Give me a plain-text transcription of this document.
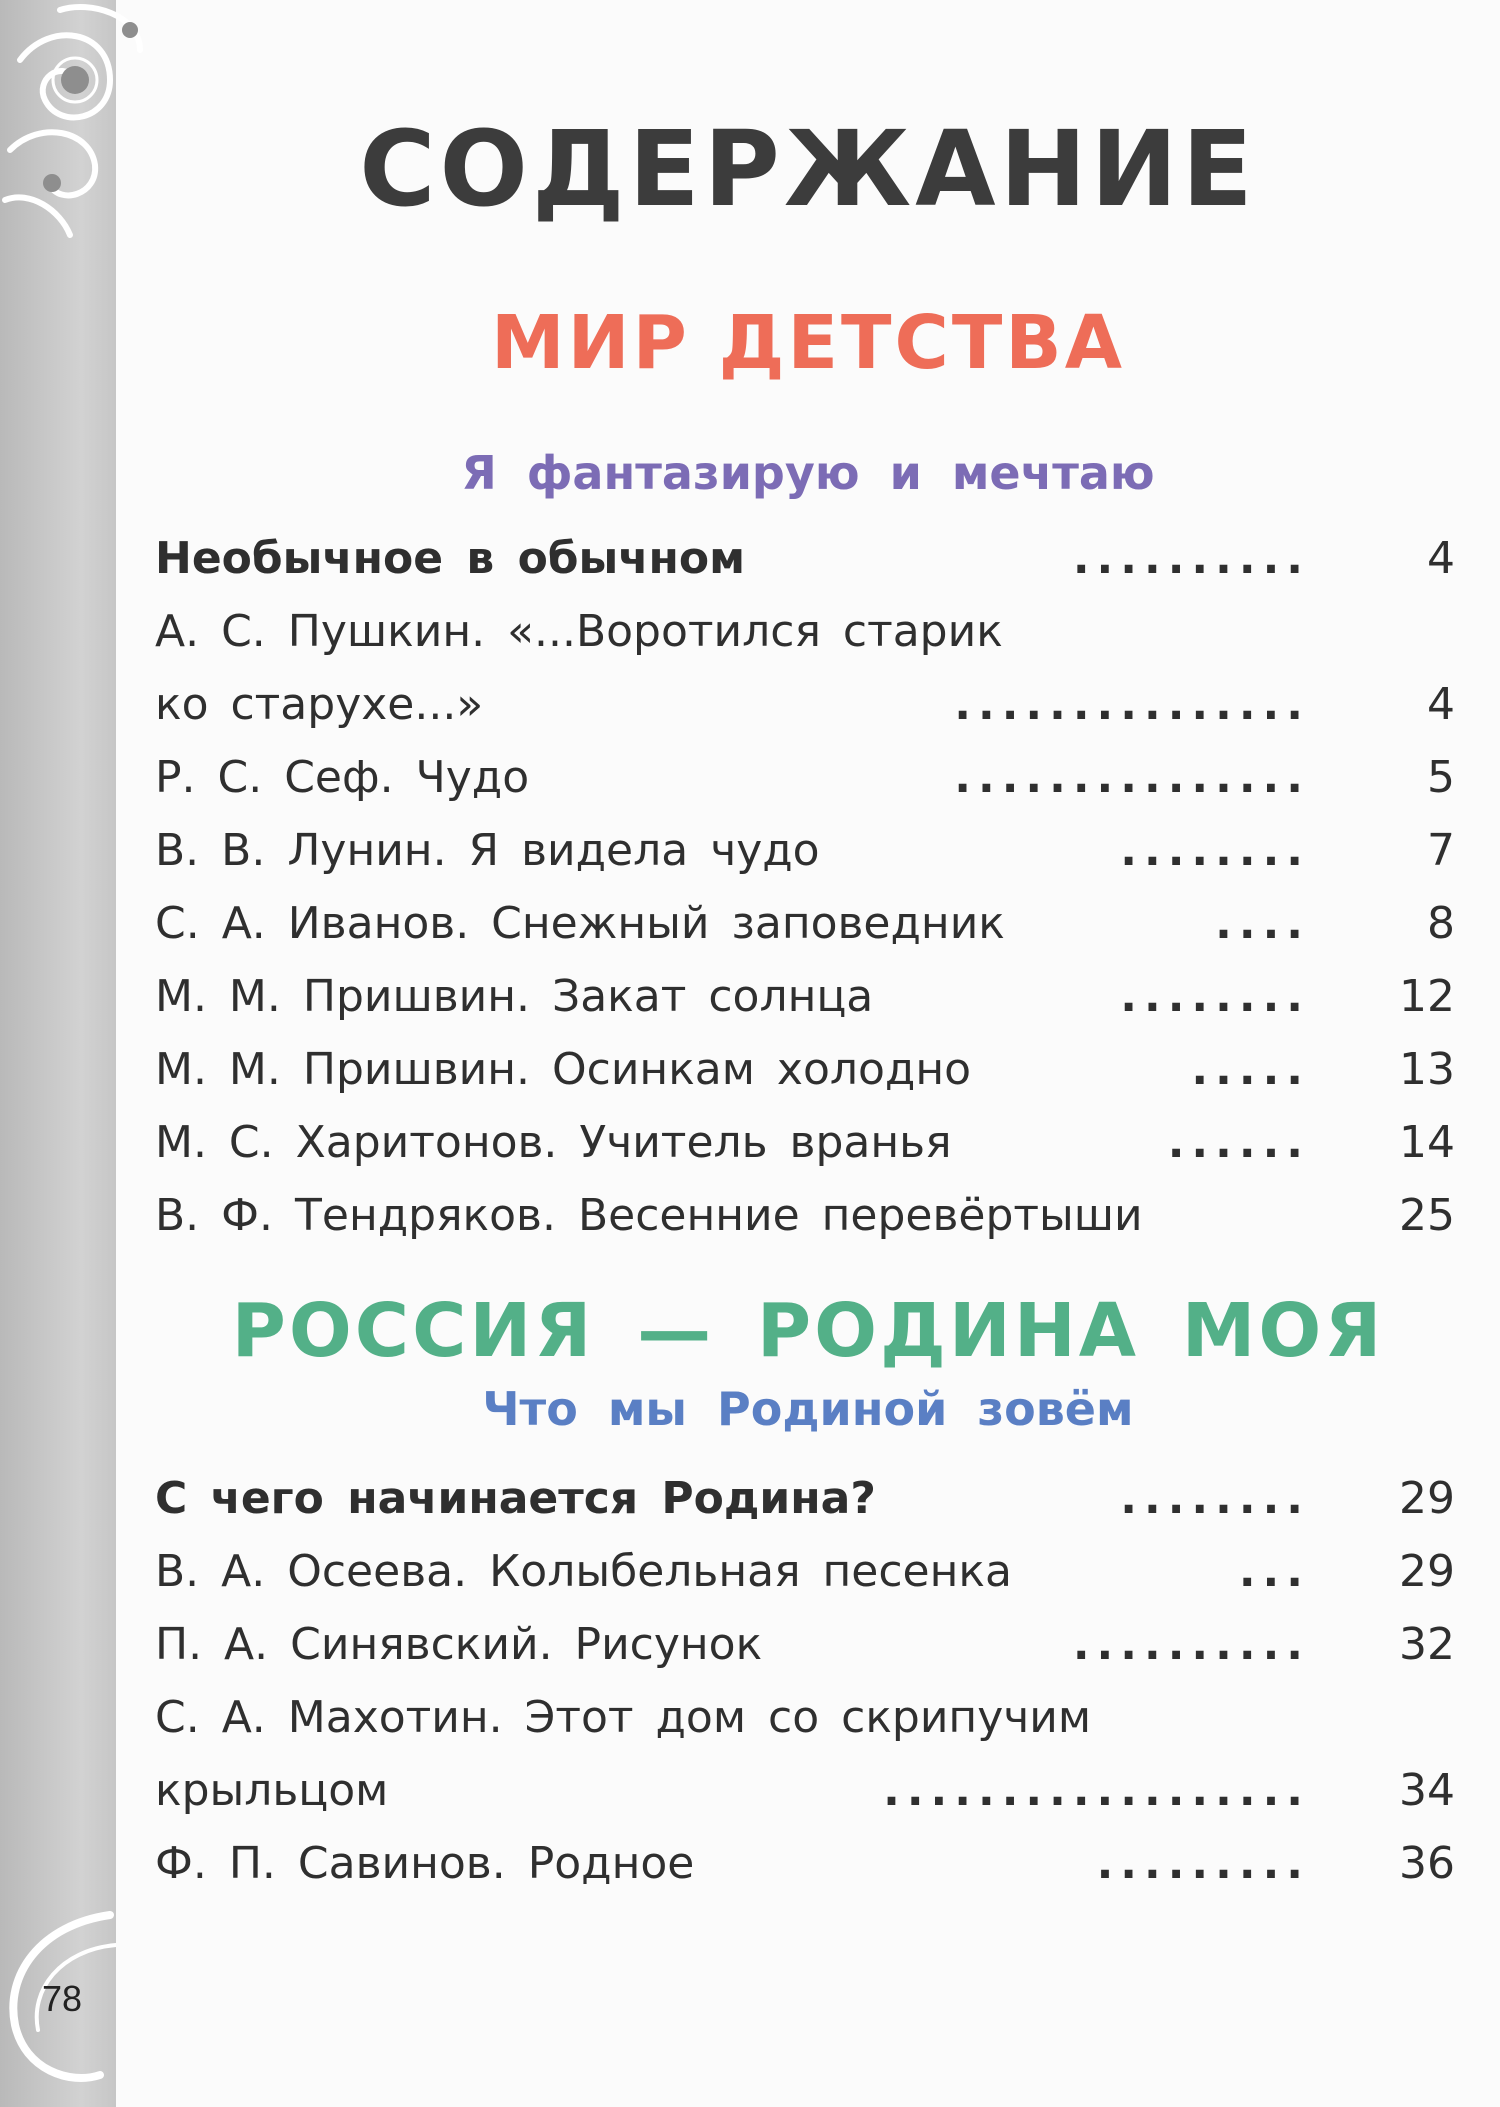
78
СОДЕРЖАНИЕ
МИР ДЕТСТВА
Я фантазирую и мечтаю
Необычное в обычном	..........	4
А. С. Пушкин. «...Воротился старик
ко старухе...»	...............	4
Р. С. Сеф. Чудо	...............	5
В. В. Лунин. Я видела чудо	........	7
С. А. Иванов. Снежный заповедник	....	8
М. М. Пришвин. Закат солнца	........	12
М. М. Пришвин. Осинкам холодно	.....	13
М. С. Харитонов. Учитель вранья	......	14
В. Ф. Тендряков. Весенние перевёртыши	25
РОССИЯ — РОДИНА МОЯ
Что мы Родиной зовём
С чего начинается Родина?	........	29
В. А. Осеева. Колыбельная песенка	...	29
П. А. Синявский. Рисунок	..........	32
С. А. Махотин. Этот дом со скрипучим
крыльцом	..................	34
Ф. П. Савинов. Родное	.........	36
